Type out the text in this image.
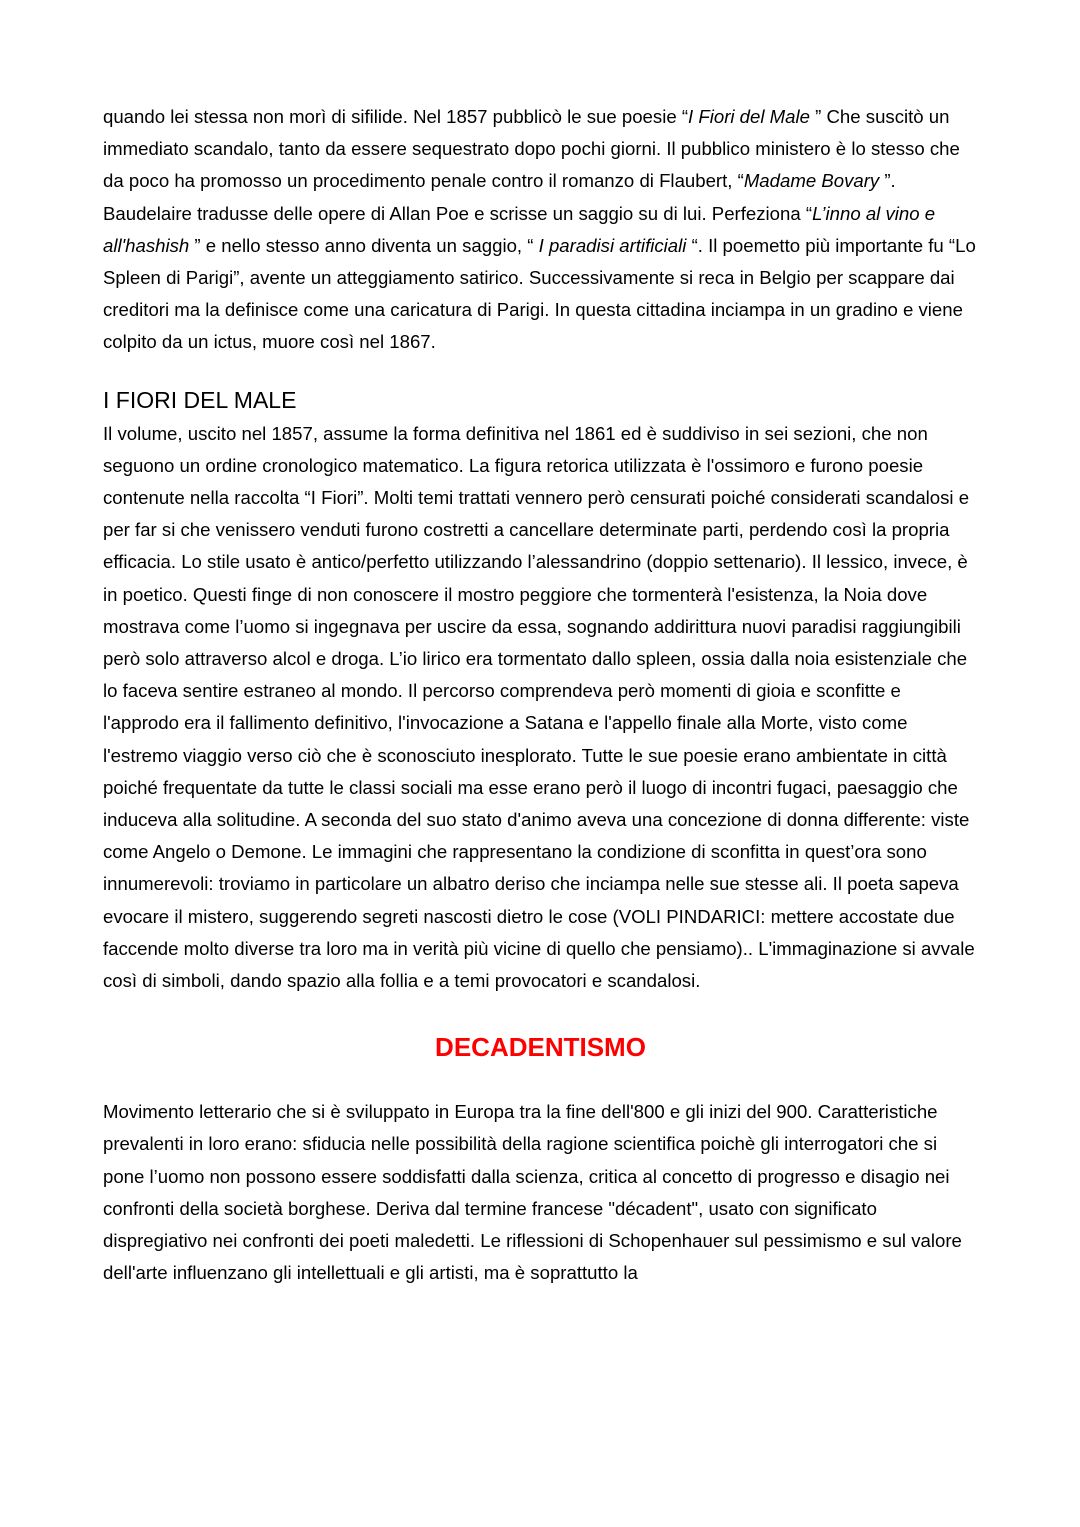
quando lei stessa non morì di sifilide. Nel 1857 pubblicò le sue poesie “I Fiori del Male ” Che suscitò un immediato scandalo, tanto da essere sequestrato dopo pochi giorni. Il pubblico ministero è lo stesso che da poco ha promosso un procedimento penale contro il romanzo di Flaubert, “Madame Bovary ”. Baudelaire tradusse delle opere di Allan Poe e scrisse un saggio su di lui. Perfeziona “L’inno al vino e all'hashish ” e nello stesso anno diventa un saggio, “ I paradisi artificiali “. Il poemetto più importante fu “Lo Spleen di Parigi”, avente un atteggiamento satirico. Successivamente si reca in Belgio per scappare dai creditori ma la definisce come una caricatura di Parigi. In questa cittadina inciampa in un gradino e viene colpito da un ictus, muore così nel 1867.

I FIORI DEL MALE

Il volume, uscito nel 1857, assume la forma definitiva nel 1861 ed è suddiviso in sei sezioni, che non seguono un ordine cronologico matematico. La figura retorica utilizzata è l'ossimoro e furono poesie contenute nella raccolta “I Fiori”. Molti temi trattati vennero però censurati poiché considerati scandalosi e per far si che venissero venduti furono costretti a cancellare determinate parti, perdendo così la propria efficacia. Lo stile usato è antico/perfetto utilizzando l’alessandrino (doppio settenario). Il lessico, invece, è in poetico. Questi finge di non conoscere il mostro peggiore che tormenterà l'esistenza, la Noia dove mostrava come l’uomo si ingegnava per uscire da essa, sognando addirittura nuovi paradisi raggiungibili però solo attraverso alcol e droga. L’io lirico era tormentato dallo spleen, ossia dalla noia esistenziale che lo faceva sentire estraneo al mondo. Il percorso comprendeva però momenti di gioia e sconfitte e l'approdo era il fallimento definitivo, l'invocazione a Satana e l'appello finale alla Morte, visto come l'estremo viaggio verso ciò che è sconosciuto inesplorato. Tutte le sue poesie erano ambientate in città poiché frequentate da tutte le classi sociali ma esse erano però il luogo di incontri fugaci, paesaggio che induceva alla solitudine. A seconda del suo stato d'animo aveva una concezione di donna differente: viste come Angelo o Demone. Le immagini che rappresentano la condizione di sconfitta in quest’ora sono innumerevoli: troviamo in particolare un albatro deriso che inciampa nelle sue stesse ali. Il poeta sapeva evocare il mistero, suggerendo segreti nascosti dietro le cose (VOLI PINDARICI: mettere accostate due faccende molto diverse tra loro ma in verità più vicine di quello che pensiamo).. L'immaginazione si avvale così di simboli, dando spazio alla follia e a temi provocatori e scandalosi.

DECADENTISMO

Movimento letterario che si è sviluppato in Europa tra la fine dell'800 e gli inizi del 900. Caratteristiche prevalenti in loro erano: sfiducia nelle possibilità della ragione scientifica poichè gli interrogatori che si pone l’uomo non possono essere soddisfatti dalla scienza, critica al concetto di progresso e disagio nei confronti della società borghese. Deriva dal termine francese "décadent", usato con significato dispregiativo nei confronti dei poeti maledetti. Le riflessioni di Schopenhauer sul pessimismo e sul valore dell'arte influenzano gli intellettuali e gli artisti, ma è soprattutto la
